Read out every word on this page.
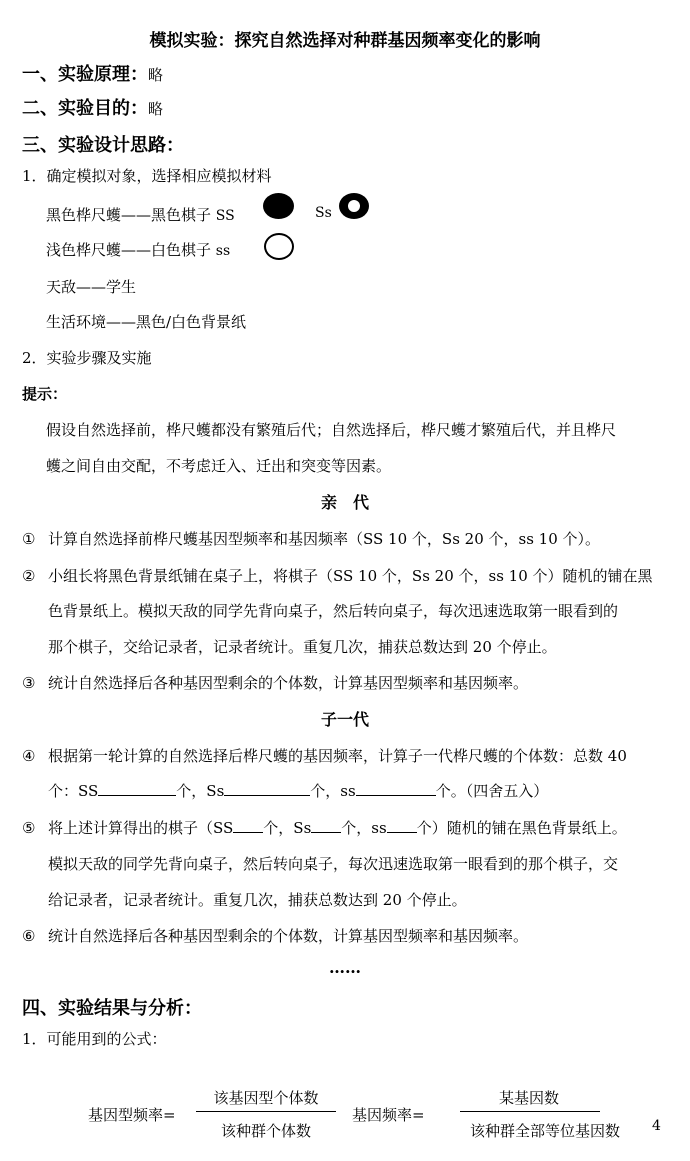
模拟实验：探究自然选择对种群基因频率变化的影响
一、实验原理：略
二、实验目的：略
三、实验设计思路：
1．确定模拟对象，选择相应模拟材料
黑色桦尺蠖——黑色棋子 SS	Ss
浅色桦尺蠖——白色棋子 ss
天敌——学生
生活环境——黑色/白色背景纸
2．实验步骤及实施
提示：
假设自然选择前，桦尺蠖都没有繁殖后代；自然选择后，桦尺蠖才繁殖后代，并且桦尺
蠖之间自由交配，不考虑迁入、迁出和突变等因素。
亲　代
① 计算自然选择前桦尺蠖基因型频率和基因频率（SS 10 个，Ss 20 个，ss 10 个）。
② 小组长将黑色背景纸铺在桌子上，将棋子（SS 10 个，Ss 20 个，ss 10 个）随机的铺在黑
色背景纸上。模拟天敌的同学先背向桌子，然后转向桌子，每次迅速选取第一眼看到的
那个棋子，交给记录者，记录者统计。重复几次，捕获总数达到 20 个停止。
③ 统计自然选择后各种基因型剩余的个体数，计算基因型频率和基因频率。
子一代
④ 根据第一轮计算的自然选择后桦尺蠖的基因频率，计算子一代桦尺蠖的个体数：总数 40
个：SS	个，Ss	个，ss	个。（四舍五入）
⑤ 将上述计算得出的棋子（SS 个，Ss 个，ss 个）随机的铺在黑色背景纸上。
模拟天敌的同学先背向桌子，然后转向桌子，每次迅速选取第一眼看到的那个棋子，交
给记录者，记录者统计。重复几次，捕获总数达到 20 个停止。
⑥ 统计自然选择后各种基因型剩余的个体数，计算基因型频率和基因频率。
……
四、实验结果与分析：
1．可能用到的公式：
基因型频率=
该基因型个体数
该种群个体数
基因频率=
某基因数
该种群全部等位基因数	4
